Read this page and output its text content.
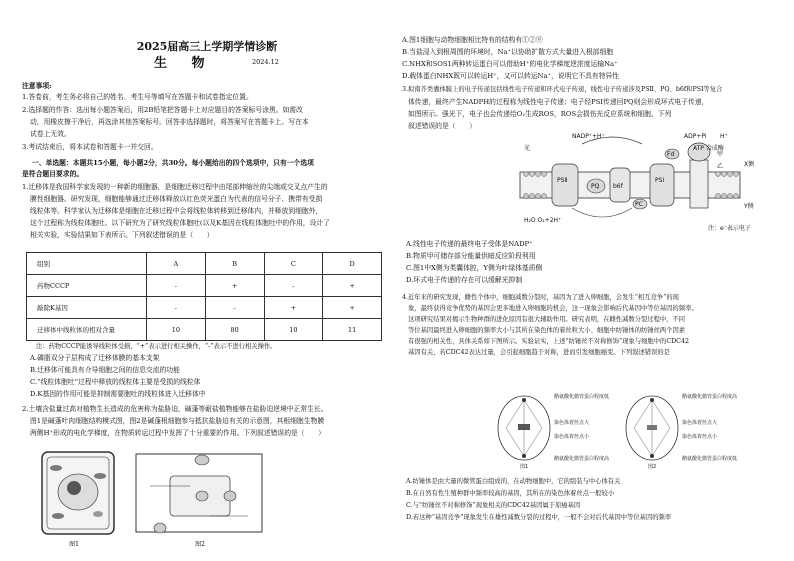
2025届高三上学期学情诊断
生 物	2024.12
注意事项:
1.答卷前，考生务必将自己的姓名、考生号等填写在答题卡和试卷指定位置。
2.选择题的作答：选出每小题答案后，用2B铅笔把答题卡上对应题目的答案标号涂黑。如需改
动，用橡皮擦干净后，再选涂其他答案标号。回答非选择题时，将答案写在答题卡上。写在本
试卷上无效。
3.考试结束后，将本试卷和答题卡一并交回。
一、单选题：本题共15小题，每小题2分，共30分。每小题给出的四个选项中，只有一个选项
是符合题目要求的。
1.迁移体是我国科学家发现的一种新的细胞器，是细胞迁移过程中由尾部伸缩丝的尖端或交叉点产生的
膜性细胞器。研究发现，细胞能够通过迁移体释放以红色荧光蛋白为代表的信号分子、携带有受损
线粒体等。科学家认为迁移体是细胞在迁移过程中会将线粒体转移到迁移体内，并释放到细胞外，
这个过程称为线粒体胞吐。以下研究为了研究线粒体胞吐(以及K基因在线粒体胞吐中的作用，设计了
相关实验，实验结果如下表所示。下列叙述错误的是（　　）
组别	A	B	C	D
药物CCCP	-	+	-	+
敲除K基因	-	-	+	+
迁移体中线粒体的相对含量	10	80	10	11
注：药物CCCP能诱导线粒体受损，“+”表示进行相关操作，“-”表示不进行相关操作。
A.磷脂双分子层构成了迁移体膜的基本支架
B.迁移体可能具有介导细胞之间的信息交流的功能
C.“线粒体胞吐”过程中释放的线粒体主要是受损的线粒体
D.K基因的作用可能是抑制需要胞吐的线粒体进入迁移体中
2.土壤含盐量过高对植物生长造成的危害称为盐胁迫，碱蓬等耐盐植物能够在盐胁迫逆境中正常生长。
图1是碱蓬叶肉细胞结构模式图，图2是碱蓬根细胞参与抵抗盐胁迫有关的示意图，其根细胞生物膜
两侧H⁺形成的电化学梯度，在物质转运过程中发挥了十分重要的作用。下列叙述错误的是（　　）
图1	图2
A.图1细胞与动物细胞相比特有的结构有①②⑨
B.当盐浸入到根周围的环境时，Na⁺以协助扩散方式大量进入根部细胞
C.NHX和SOS1两种转运蛋白可以借助H⁺的电化学梯度逆浓度运输Na⁺
D.载体蛋白NHX既可以转运H⁺，又可以转运Na⁺，说明它不具有特异性
3.拟南芥类囊体膜上的电子传递包括线性电子传递和环式电子传递，线性电子传递涉及PSⅡ、PQ、b6f和PSⅠ等复合
体传递，最终产生NADPH的过程称为线性电子传递；电子经PSⅠ传递回PQ则会形成环式电子传递，
如图所示。强光下，电子也会传递给O₂生成ROS，ROS会损伤光反应系统和细胞。下列
叙述错误的是（　　）
PSⅡ
PQ b6f
PC
PSⅠ
Fd
ATP 合成酶
NADP⁺+H⁺	ADP+Pi H⁺
光
甲
乙	X侧
Y侧
H₂O O₂+2H⁺
注：e⁻表示电子
A.线性电子传递的最终电子受体是NADP⁺
B.物质甲可储存部分能量供暗反应阶段利用
C.图1中X侧为类囊体腔，Y侧为叶绿体基质侧
D.环式电子传递的存在可以缓解光抑制
4.近年来的研究发现，雌性个体中，细胞减数分裂时，基因为了进入卵细胞，会发生“相互竞争”的现
象，最终获得竞争优势的基因会更多地进入卵细胞的机会，这一现象会影响后代基因中等位基因的频率。
这项研究结果对揭示生物种群的进化原因有很大辅助作用。研究表明，在雌性减数分裂过程中，不同
等位基因最终进入卵细胞的频率大小与其所在染色体的着丝粒大小、细胞中纺锤体的纺锤丝两个因素
有很强的相关性，具体关系如下图所示。实验证实，上述“纺锤丝不对称修饰”现象与细胞中的CDC42
基因有关，若CDC42表达过量，会引起细胞趋于对称，进而引发细胞癌变。下列叙述错误的是
酪氨酸化微管蛋白程度低
染色体着丝点大
染色体着丝点小
酪氨酸化微管蛋白程度高
图1
酪氨酸化微管蛋白程度高
染色体着丝点大
染色体着丝点小
酪氨酸化微管蛋白程度低
图2
A.纺锤体是由大量的微管蛋白组成的，在动物细胞中，它的组装与中心体有关
B.在自然有性生殖种群中频率较高的基因，其所在的染色体着丝点一般较小
C.与“纺锤丝不对称修饰”现象相关的CDC42基因属于原癌基因
D.若这种“基因竞争”现象发生在雄性减数分裂的过程中，一般不会对后代基因中等位基因的频率
